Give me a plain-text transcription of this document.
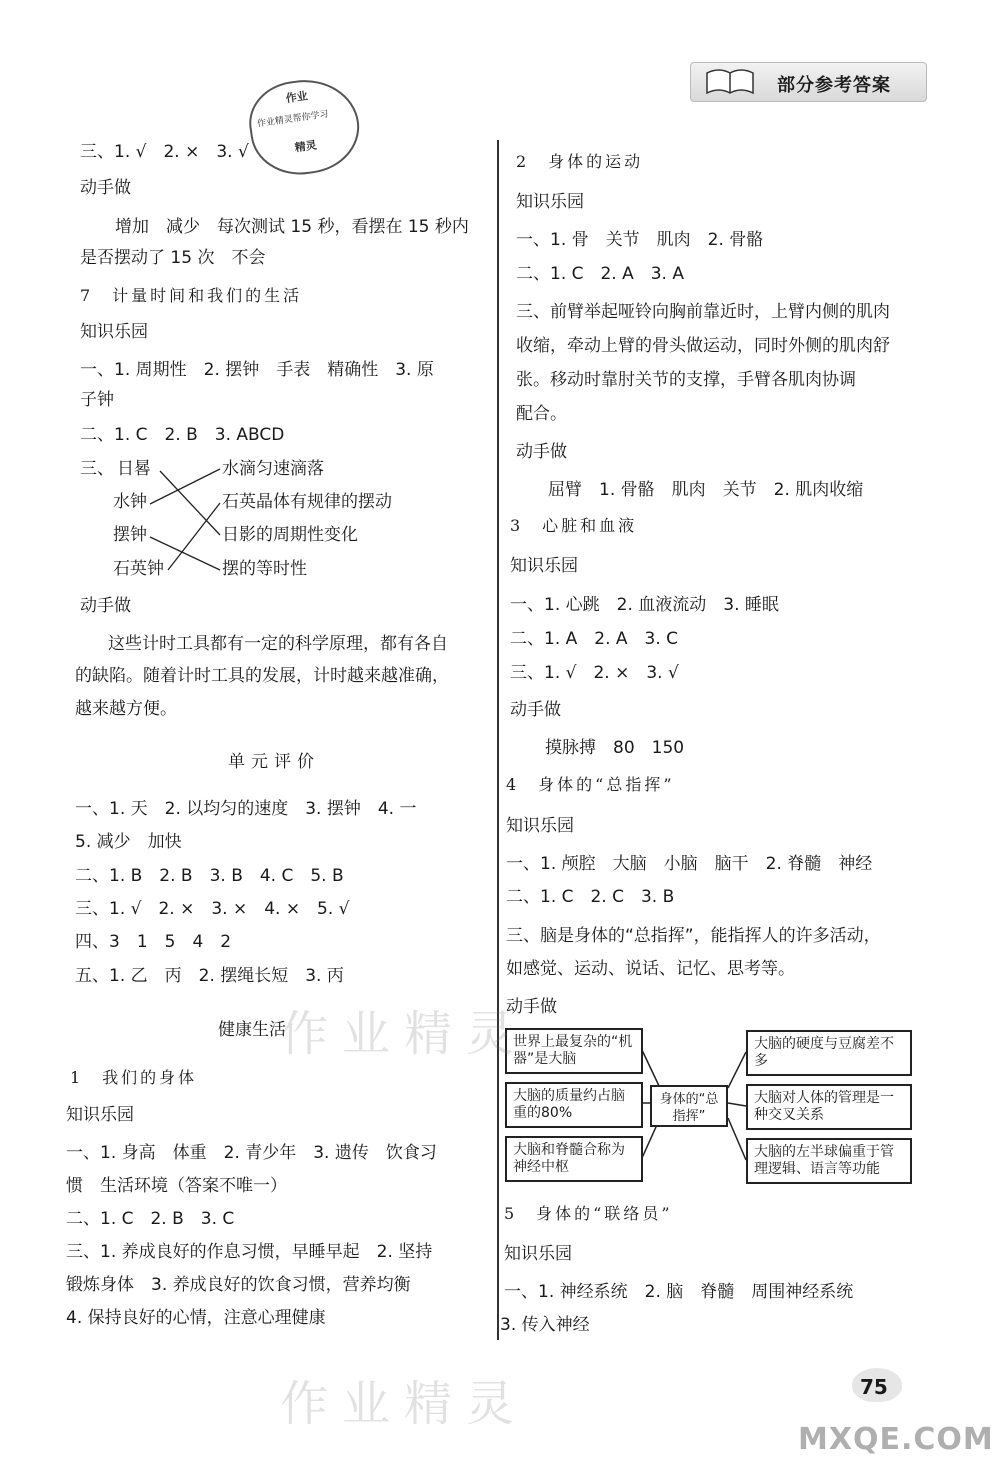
部分参考答案
作业
作业精灵帮你学习
精灵
三、1. √　2. ×　3. √
动手做
增加　减少　每次测试 15 秒，看摆在 15 秒内
是否摆动了 15 次　不会
7　计量时间和我们的生活
知识乐园
一、1. 周期性　2. 摆钟　手表　精确性　3. 原
子钟
二、1. C　2. B　3. ABCD
三、 日晷
水钟
摆钟
石英钟
水滴匀速滴落
石英晶体有规律的摆动
日影的周期性变化
摆的等时性
动手做
这些计时工具都有一定的科学原理，都有各自
的缺陷。随着计时工具的发展，计时越来越准确，
越来越方便。
单元评价
一、1. 天　2. 以均匀的速度　3. 摆钟　4. 一
5. 减少　加快
二、1. B　2. B　3. B　4. C　5. B
三、1. √　2. ×　3. ×　4. ×　5. √
四、3　1　5　4　2
五、1. 乙　丙　2. 摆绳长短　3. 丙
健康生活
1　我们的身体
知识乐园
一、1. 身高　体重　2. 青少年　3. 遗传　饮食习
惯　生活环境（答案不唯一）
二、1. C　2. B　3. C
三、1. 养成良好的作息习惯，早睡早起　2. 坚持
锻炼身体　3. 养成良好的饮食习惯，营养均衡
4. 保持良好的心情，注意心理健康
2　身体的运动
知识乐园
一、1. 骨　关节　肌肉　2. 骨骼
二、1. C　2. A　3. A
三、前臂举起哑铃向胸前靠近时，上臂内侧的肌肉
收缩，牵动上臂的骨头做运动，同时外侧的肌肉舒
张。移动时靠肘关节的支撑，手臂各肌肉协调
配合。
动手做
屈臂　1. 骨骼　肌肉　关节　2. 肌肉收缩
3　心脏和血液
知识乐园
一、1. 心跳　2. 血液流动　3. 睡眠
二、1. A　2. A　3. C
三、1. √　2. ×　3. √
动手做
摸脉搏　80　150
4　身体的“总指挥”
知识乐园
一、1. 颅腔　大脑　小脑　脑干　2. 脊髓　神经
二、1. C　2. C　3. B
三、脑是身体的“总指挥”，能指挥人的许多活动，
如感觉、运动、说话、记忆、思考等。
动手做
世界上最复杂的“机器”是大脑
大脑的质量约占脑重的80%
大脑和脊髓合称为神经中枢
身体的“总指挥”
大脑的硬度与豆腐差不多
大脑对人体的管理是一种交叉关系
大脑的左半球偏重于管理逻辑、语言等功能
5　身体的“联络员”
知识乐园
一、1. 神经系统　2. 脑　脊髓　周围神经系统
3. 传入神经
作业精灵
作业精灵	75
MXQE.COM
